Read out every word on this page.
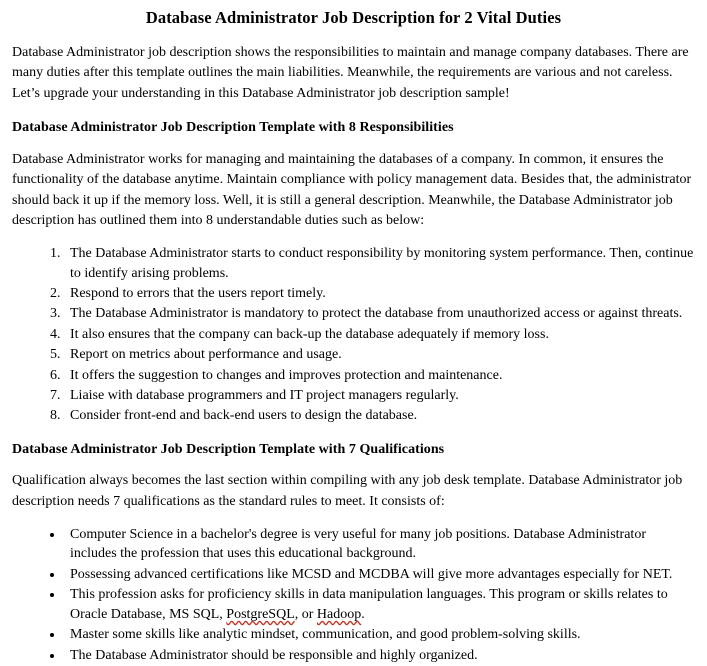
Database Administrator Job Description for 2 Vital Duties

Database Administrator job description shows the responsibilities to maintain and manage company databases. There are many duties after this template outlines the main liabilities. Meanwhile, the requirements are various and not careless. Let’s upgrade your understanding in this Database Administrator job description sample!

Database Administrator Job Description Template with 8 Responsibilities

Database Administrator works for managing and maintaining the databases of a company. In common, it ensures the functionality of the database anytime. Maintain compliance with policy management data. Besides that, the administrator should back it up if the memory loss. Well, it is still a general description. Meanwhile, the Database Administrator job description has outlined them into 8 understandable duties such as below:

1. The Database Administrator starts to conduct responsibility by monitoring system performance. Then, continue to identify arising problems.
2. Respond to errors that the users report timely.
3. The Database Administrator is mandatory to protect the database from unauthorized access or against threats.
4. It also ensures that the company can back-up the database adequately if memory loss.
5. Report on metrics about performance and usage.
6. It offers the suggestion to changes and improves protection and maintenance.
7. Liaise with database programmers and IT project managers regularly.
8. Consider front-end and back-end users to design the database.
Database Administrator Job Description Template with 7 Qualifications

Qualification always becomes the last section within compiling with any job desk template. Database Administrator job description needs 7 qualifications as the standard rules to meet. It consists of:

• Computer Science in a bachelor's degree is very useful for many job positions. Database Administrator includes the profession that uses this educational background.
• Possessing advanced certifications like MCSD and MCDBA will give more advantages especially for NET.
• This profession asks for proficiency skills in data manipulation languages. This program or skills relates to Oracle Database, MS SQL, PostgreSQL, or Hadoop.
• Master some skills like analytic mindset, communication, and good problem-solving skills.
• The Database Administrator should be responsible and highly organized.
